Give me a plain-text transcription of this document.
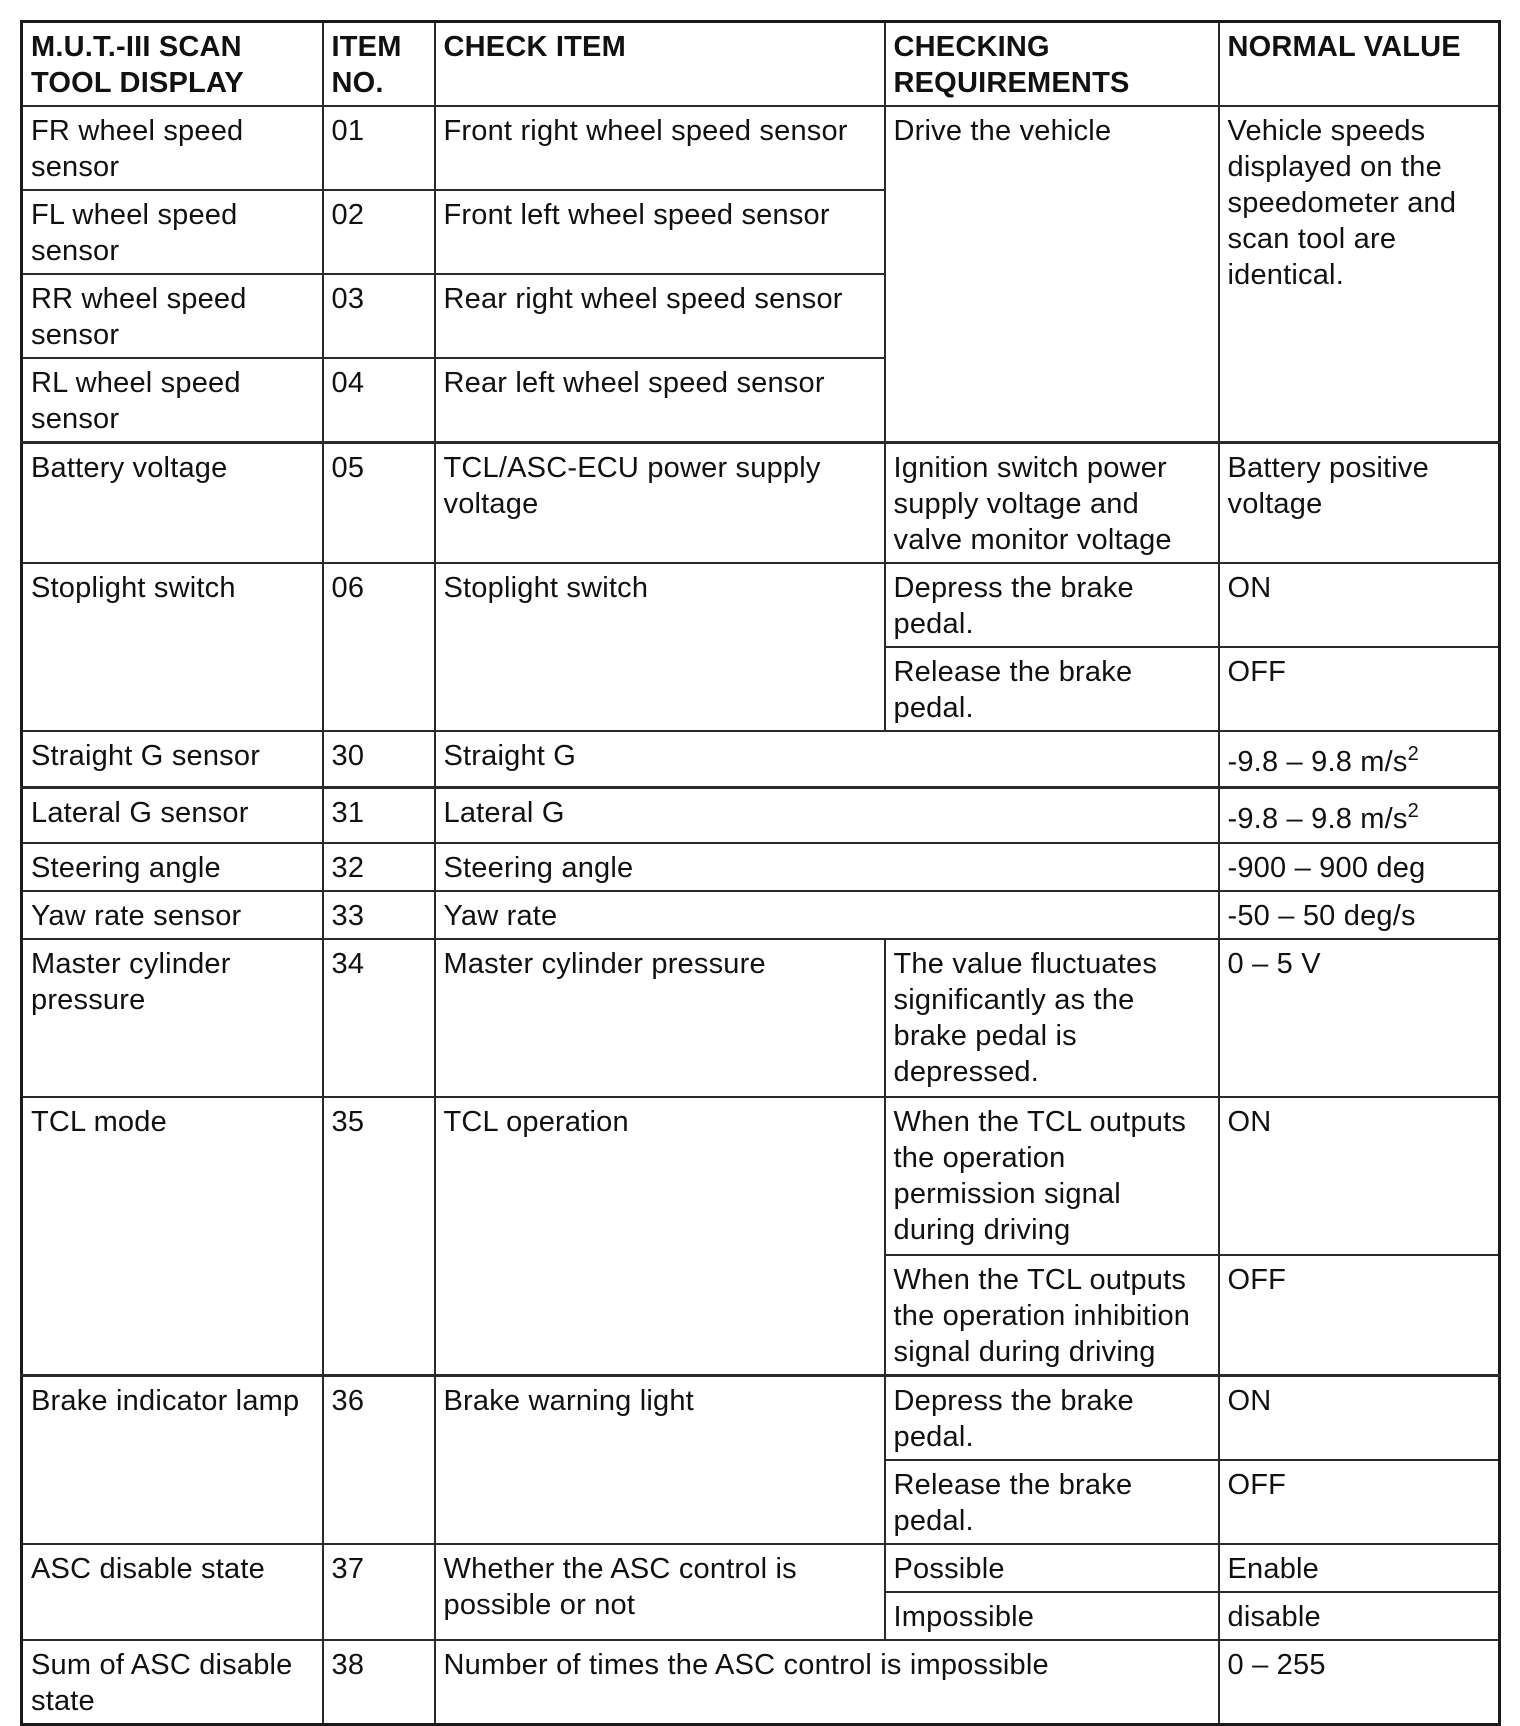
M.U.T.-III SCAN TOOL DISPLAY	ITEM NO.	CHECK ITEM	CHECKING REQUIREMENTS	NORMAL VALUE
FR wheel speed sensor	01	Front right wheel speed sensor	Drive the vehicle	Vehicle speeds displayed on the speedometer and scan tool are identical.
FL wheel speed sensor	02	Front left wheel speed sensor		
RR wheel speed sensor	03	Rear right wheel speed sensor		
RL wheel speed sensor	04	Rear left wheel speed sensor		
Battery voltage	05	TCL/ASC-ECU power supply voltage	Ignition switch power supply voltage and valve monitor voltage	Battery positive voltage
Stoplight switch	06	Stoplight switch	Depress the brake pedal.	ON
			Release the brake pedal.	OFF
Straight G sensor	30	Straight G		-9.8 – 9.8 $m/s^2$
Lateral G sensor	31	Lateral G		-9.8 – 9.8 $m/s^2$
Steering angle	32	Steering angle		-900 – 900 deg
Yaw rate sensor	33	Yaw rate		-50 – 50 deg/s
Master cylinder pressure	34	Master cylinder pressure	The value fluctuates significantly as the brake pedal is depressed.	0 – 5 V
TCL mode	35	TCL operation	When the TCL outputs the operation permission signal during driving	ON
			When the TCL outputs the operation inhibition signal during driving	OFF
Brake indicator lamp	36	Brake warning light	Depress the brake pedal.	ON
			Release the brake pedal.	OFF
ASC disable state	37	Whether the ASC control is possible or not	Possible	Enable
			Impossible	disable
Sum of ASC disable state	38	Number of times the ASC control is impossible		0 – 255
